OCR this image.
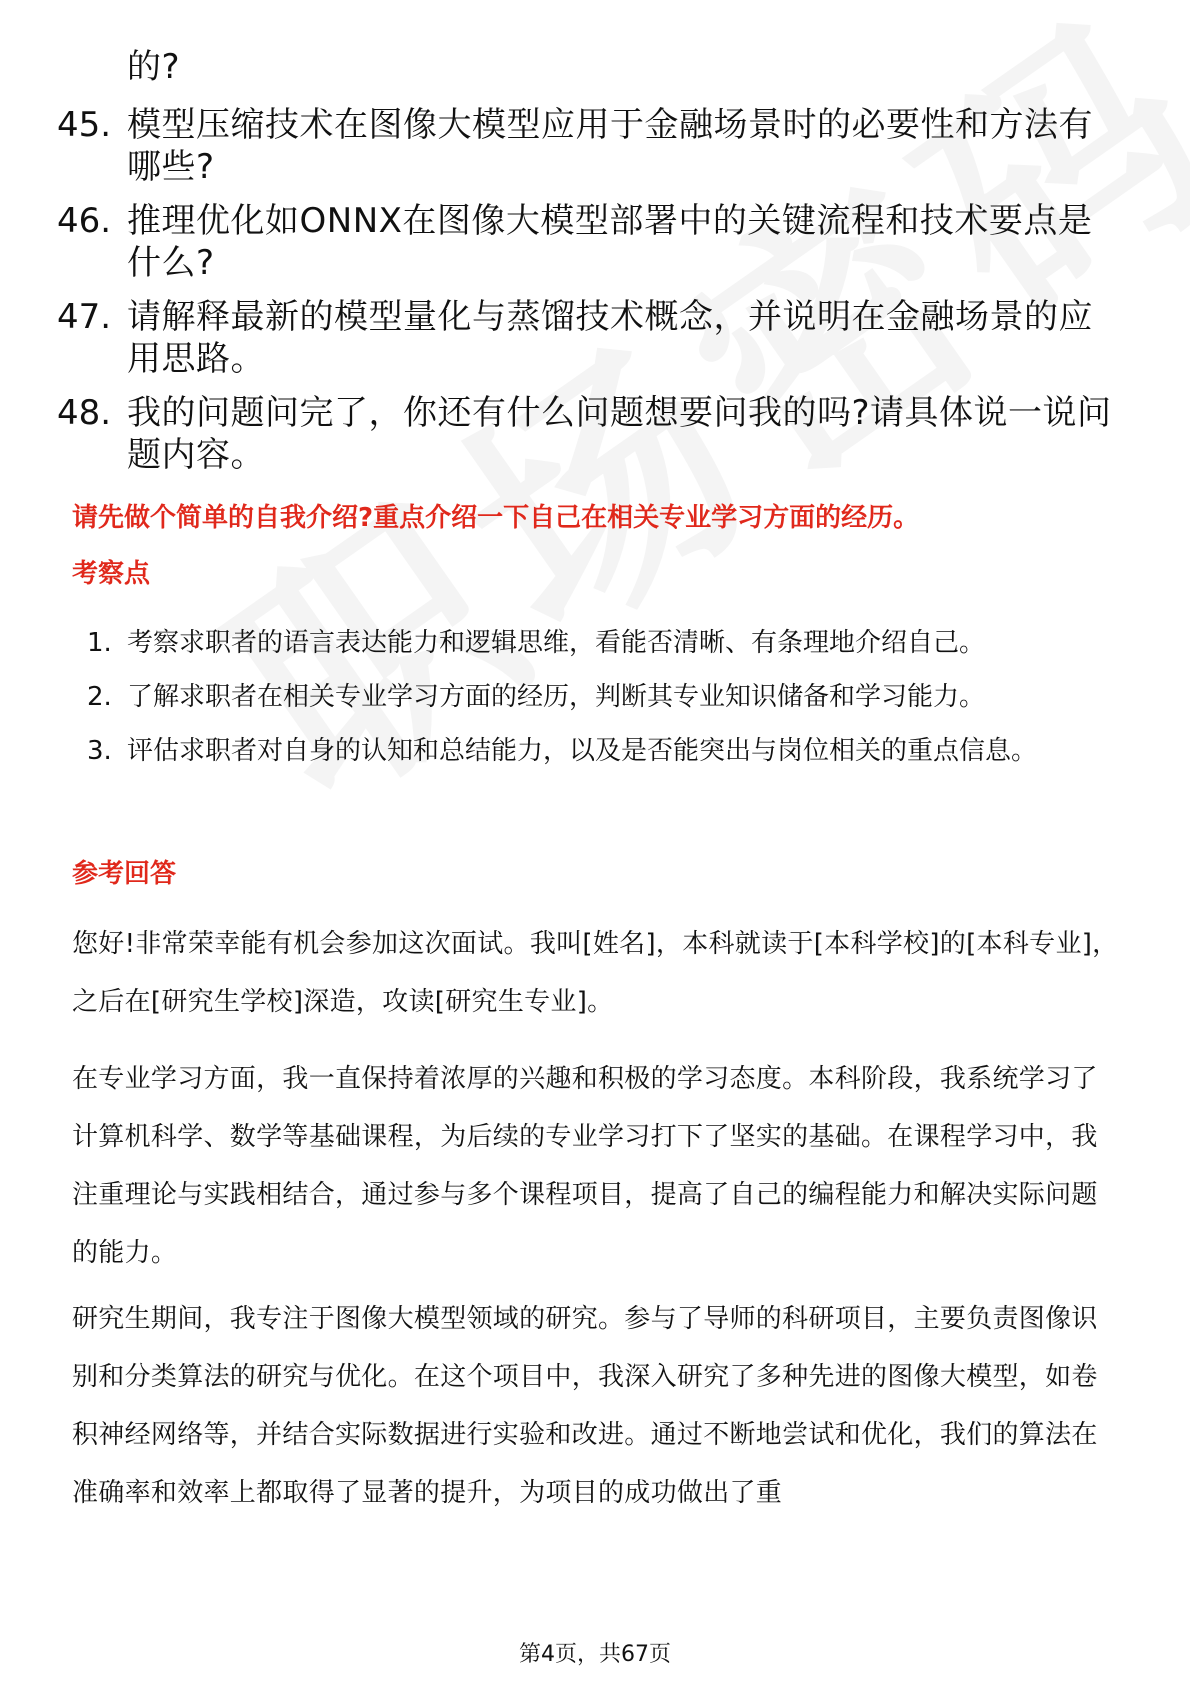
的?
45. 模型压缩技术在图像大模型应用于金融场景时的必要性和方法有哪些?
46. 推理优化如ONNX在图像大模型部署中的关键流程和技术要点是什么?
47. 请解释最新的模型量化与蒸馏技术概念，并说明在金融场景的应用思路。
48. 我的问题问完了，你还有什么问题想要问我的吗?请具体说一说问题内容。
请先做个简单的自我介绍?重点介绍一下自己在相关专业学习方面的经历。
考察点
1. 考察求职者的语言表达能力和逻辑思维，看能否清晰、有条理地介绍自己。
2. 了解求职者在相关专业学习方面的经历，判断其专业知识储备和学习能力。
3. 评估求职者对自身的认知和总结能力，以及是否能突出与岗位相关的重点信息。
参考回答
您好!非常荣幸能有机会参加这次面试。我叫[姓名]，本科就读于[本科学校]的[本科专业]，之后在[研究生学校]深造，攻读[研究生专业]。
在专业学习方面，我一直保持着浓厚的兴趣和积极的学习态度。本科阶段，我系统学习了计算机科学、数学等基础课程，为后续的专业学习打下了坚实的基础。在课程学习中，我注重理论与实践相结合，通过参与多个课程项目，提高了自己的编程能力和解决实际问题的能力。
研究生期间，我专注于图像大模型领域的研究。参与了导师的科研项目，主要负责图像识别和分类算法的研究与优化。在这个项目中，我深入研究了多种先进的图像大模型，如卷积神经网络等，并结合实际数据进行实验和改进。通过不断地尝试和优化，我们的算法在准确率和效率上都取得了显著的提升，为项目的成功做出了重
第4页，共67页
